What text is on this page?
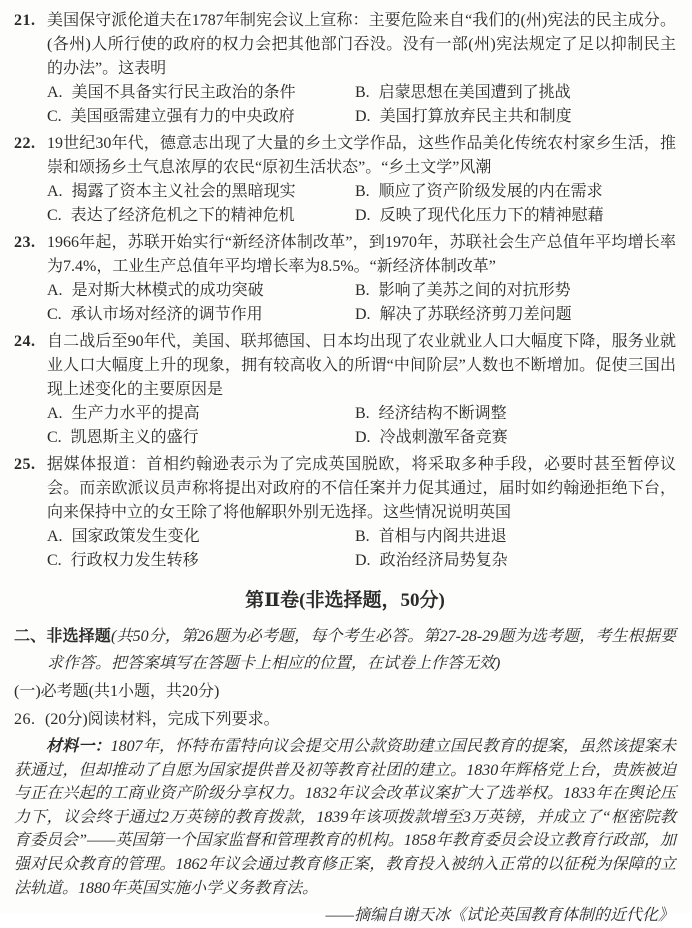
21. 美国保守派伦道夫在1787年制宪会议上宣称：主要危险来自“我们的(州)宪法的民主成分。(各州)人所行使的政府的权力会把其他部门吞没。没有一部(州)宪法规定了足以抑制民主的办法”。这表明
A. 美国不具备实行民主政治的条件	B. 启蒙思想在美国遭到了挑战
C. 美国亟需建立强有力的中央政府	D. 美国打算放弃民主共和制度
22. 19世纪30年代，德意志出现了大量的乡土文学作品，这些作品美化传统农村家乡生活，推崇和颂扬乡土气息浓厚的农民“原初生活状态”。“乡土文学”风潮
A. 揭露了资本主义社会的黑暗现实	B. 顺应了资产阶级发展的内在需求
C. 表达了经济危机之下的精神危机	D. 反映了现代化压力下的精神慰藉
23. 1966年起，苏联开始实行“新经济体制改革”，到1970年，苏联社会生产总值年平均增长率为7.4%，工业生产总值年平均增长率为8.5%。“新经济体制改革”
A. 是对斯大林模式的成功突破	B. 影响了美苏之间的对抗形势
C. 承认市场对经济的调节作用	D. 解决了苏联经济剪刀差问题
24. 自二战后至90年代，美国、联邦德国、日本均出现了农业就业人口大幅度下降，服务业就业人口大幅度上升的现象，拥有较高收入的所谓“中间阶层”人数也不断增加。促使三国出现上述变化的主要原因是
A. 生产力水平的提高	B. 经济结构不断调整
C. 凯恩斯主义的盛行	D. 冷战刺激军备竞赛
25. 据媒体报道：首相约翰逊表示为了完成英国脱欧，将采取多种手段，必要时甚至暂停议会。而亲欧派议员声称将提出对政府的不信任案并力促其通过，届时如约翰逊拒绝下台，向来保持中立的女王除了将他解职外别无选择。这些情况说明英国
A. 国家政策发生变化	B. 首相与内阁共进退
C. 行政权力发生转移	D. 政治经济局势复杂
第Ⅱ卷(非选择题，50分)
二、非选择题(共50分，第26题为必考题，每个考生必答。第27-28-29题为选考题，考生根据要求作答。把答案填写在答题卡上相应的位置，在试卷上作答无效)
(一)必考题(共1小题，共20分)
26. (20分)阅读材料，完成下列要求。
材料一：1807年，怀特布雷特向议会提交用公款资助建立国民教育的提案，虽然该提案未获通过，但却推动了自愿为国家提供普及初等教育社团的建立。1830年辉格党上台，贵族被迫与正在兴起的工商业资产阶级分享权力。1832年议会改革议案扩大了选举权。1833年在舆论压力下，议会终于通过2万英镑的教育拨款，1839年该项拨款增至3万英镑，并成立了“枢密院教育委员会”——英国第一个国家监督和管理教育的机构。1858年教育委员会设立教育行政部，加强对民众教育的管理。1862年议会通过教育修正案，教育投入被纳入正常的以征税为保障的立法轨道。1880年英国实施小学义务教育法。
——摘编自谢天冰《试论英国教育体制的近代化》
